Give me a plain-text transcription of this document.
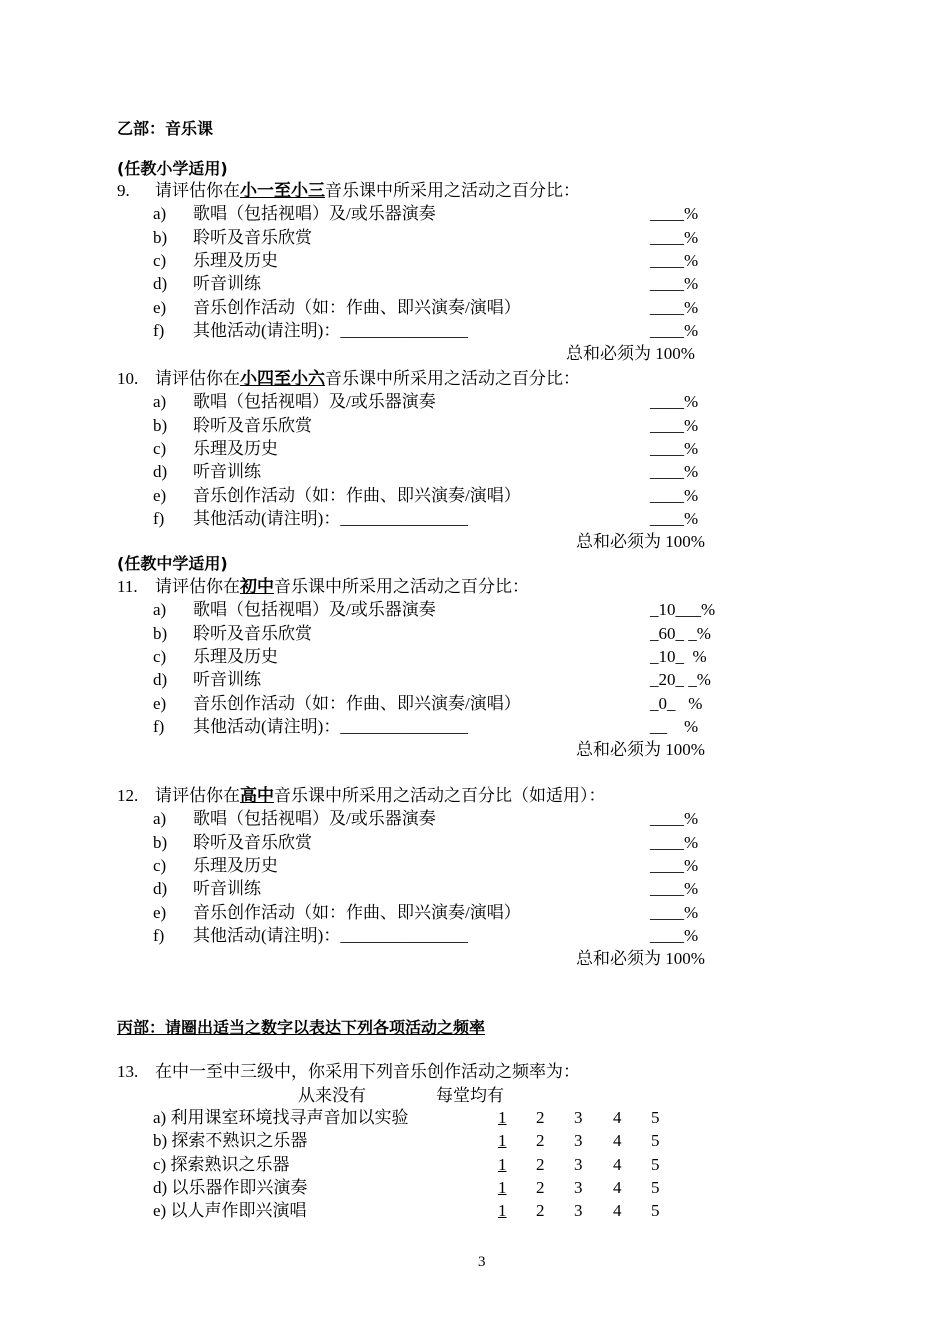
乙部：音乐课
(任教小学适用)
(任教中学适用)
9. 请评估你在小一至小三音乐课中所采用之活动之百分比：
a) 歌唱（包括视唱）及/或乐器演奏	____%
b) 聆听及音乐欣赏	____%
c) 乐理及历史	____%
d) 听音训练	____%
e) 音乐创作活动（如：作曲、即兴演奏/演唱）	____%
f) 其他活动(请注明)：_______________	____%
总和必须为 100%
10. 请评估你在小四至小六音乐课中所采用之活动之百分比：
a) 歌唱（包括视唱）及/或乐器演奏	____%
b) 聆听及音乐欣赏	____%
c) 乐理及历史	____%
d) 听音训练	____%
e) 音乐创作活动（如：作曲、即兴演奏/演唱）	____%
f) 其他活动(请注明)：_______________	____%
总和必须为 100%
11. 请评估你在初中音乐课中所采用之活动之百分比：
a) 歌唱（包括视唱）及/或乐器演奏	_10___%
b) 聆听及音乐欣赏	_60_ _%
c) 乐理及历史	_10_  %
d) 听音训练	_20_ _%
e) 音乐创作活动（如：作曲、即兴演奏/演唱）	_0_   %
f) 其他活动(请注明)：_______________	__    %
总和必须为 100%
12. 请评估你在高中音乐课中所采用之活动之百分比（如适用）：
a) 歌唱（包括视唱）及/或乐器演奏	____%
b) 聆听及音乐欣赏	____%
c) 乐理及历史	____%
d) 听音训练	____%
e) 音乐创作活动（如：作曲、即兴演奏/演唱）	____%
f) 其他活动(请注明)：_______________	____%
总和必须为 100%
丙部：请圈出适当之数字以表达下列各项活动之频率
13. 在中一至中三级中，你采用下列音乐创作活动之频率为：
从来没有	每堂均有
a) 利用课室环境找寻声音加以实验	1 2 3 4 5
b) 探索不熟识之乐器	1 2 3 4 5
c) 探索熟识之乐器	1 2 3 4 5
d) 以乐器作即兴演奏	1 2 3 4 5
e) 以人声作即兴演唱	1 2 3 4 5
3
